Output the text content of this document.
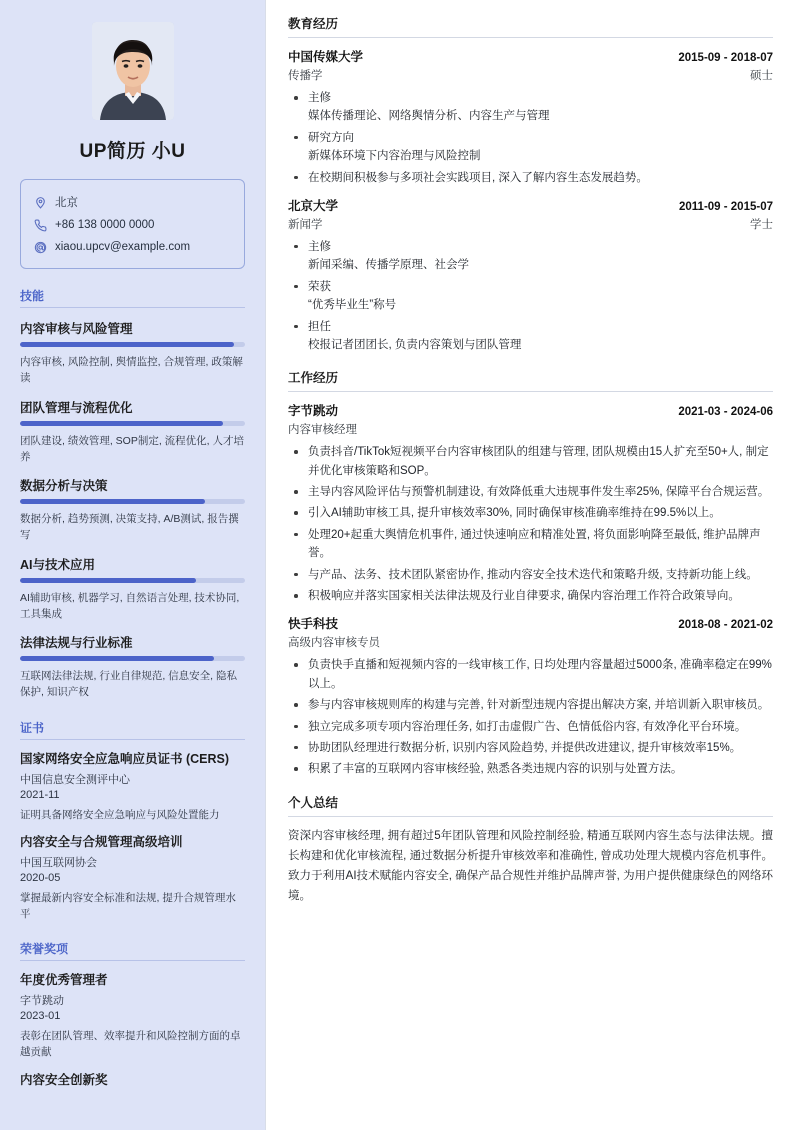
UP简历 小U
北京
+86 138 0000 0000
xiaou.upcv@example.com
技能
内容审核与风险管理
内容审核, 风险控制, 舆情监控, 合规管理, 政策解读
团队管理与流程优化
团队建设, 绩效管理, SOP制定, 流程优化, 人才培养
数据分析与决策
数据分析, 趋势预测, 决策支持, A/B测试, 报告撰写
AI与技术应用
AI辅助审核, 机器学习, 自然语言处理, 技术协同, 工具集成
法律法规与行业标准
互联网法律法规, 行业自律规范, 信息安全, 隐私保护, 知识产权
证书
国家网络安全应急响应员证书 (CERS)
中国信息安全测评中心
2021-11
证明具备网络安全应急响应与风险处置能力
内容安全与合规管理高级培训
中国互联网协会
2020-05
掌握最新内容安全标准和法规, 提升合规管理水平
荣誉奖项
年度优秀管理者
字节跳动
2023-01
表彰在团队管理、效率提升和风险控制方面的卓越贡献
内容安全创新奖
教育经历
中国传媒大学	2015-09 - 2018-07
传播学	硕士
主修
媒体传播理论、网络舆情分析、内容生产与管理
研究方向
新媒体环境下内容治理与风险控制
在校期间积极参与多项社会实践项目, 深入了解内容生态发展趋势。
北京大学	2011-09 - 2015-07
新闻学	学士
主修
新闻采编、传播学原理、社会学
荣获
“优秀毕业生”称号
担任
校报记者团团长, 负责内容策划与团队管理
工作经历
字节跳动	2021-03 - 2024-06
内容审核经理
负责抖音/TikTok短视频平台内容审核团队的组建与管理, 团队规模由15人扩充至50+人, 制定并优化审核策略和SOP。
主导内容风险评估与预警机制建设, 有效降低重大违规事件发生率25%, 保障平台合规运营。
引入AI辅助审核工具, 提升审核效率30%, 同时确保审核准确率维持在99.5%以上。
处理20+起重大舆情危机事件, 通过快速响应和精准处置, 将负面影响降至最低, 维护品牌声誉。
与产品、法务、技术团队紧密协作, 推动内容安全技术迭代和策略升级, 支持新功能上线。
积极响应并落实国家相关法律法规及行业自律要求, 确保内容治理工作符合政策导向。
快手科技	2018-08 - 2021-02
高级内容审核专员
负责快手直播和短视频内容的一线审核工作, 日均处理内容量超过5000条, 准确率稳定在99%以上。
参与内容审核规则库的构建与完善, 针对新型违规内容提出解决方案, 并培训新入职审核员。
独立完成多项专项内容治理任务, 如打击虚假广告、色情低俗内容, 有效净化平台环境。
协助团队经理进行数据分析, 识别内容风险趋势, 并提供改进建议, 提升审核效率15%。
积累了丰富的互联网内容审核经验, 熟悉各类违规内容的识别与处置方法。
个人总结

资深内容审核经理, 拥有超过5年团队管理和风险控制经验, 精通互联网内容生态与法律法规。擅长构建和优化审核流程, 通过数据分析提升审核效率和准确性, 曾成功处理大规模内容危机事件。致力于利用AI技术赋能内容安全, 确保产品合规性并维护品牌声誉, 为用户提供健康绿色的网络环境。
